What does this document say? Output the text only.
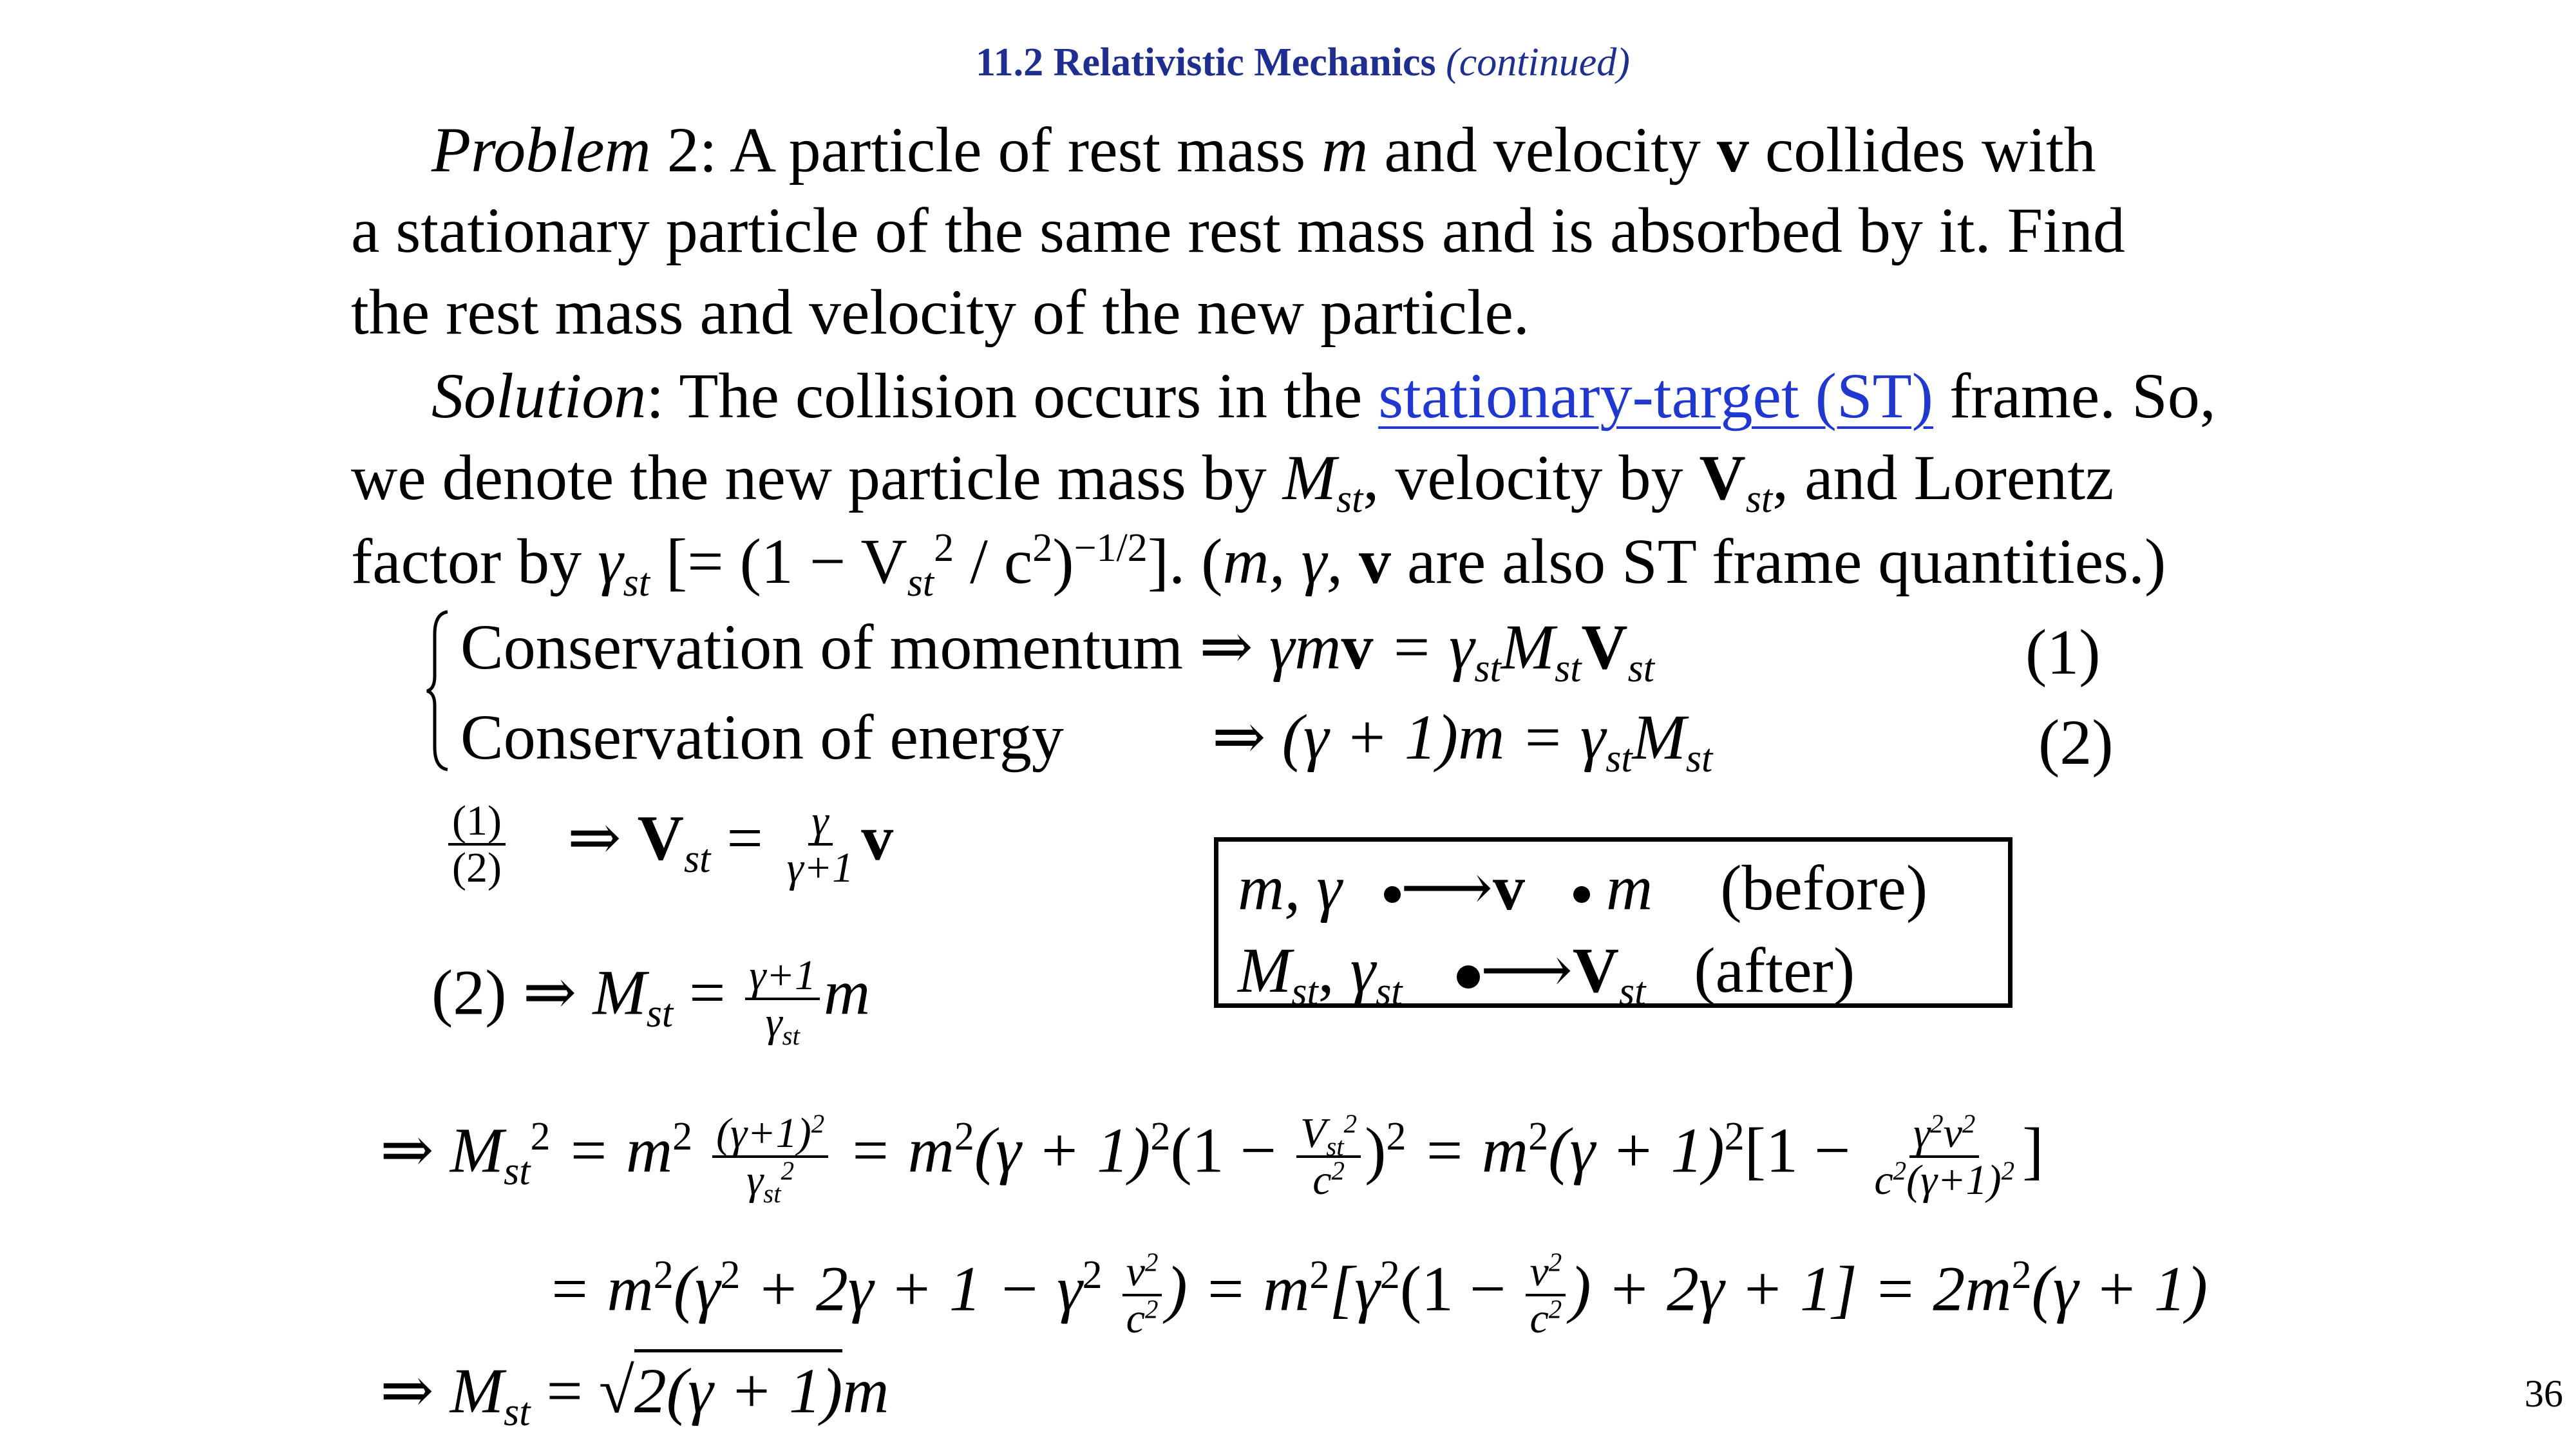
11.2 Relativistic Mechanics (continued)
Problem 2: A particle of rest mass m and velocity v collides with
a stationary particle of the same rest mass and is absorbed by it. Find
the rest mass and velocity of the new particle.
Solution: The collision occurs in the stationary-target (ST) frame. So,
we denote the new particle mass by $M_{st}$, velocity by $V_{st}$, and Lorentz
factor by $\gamma_{st}$ [= $(1 - V_{st}^2 / c^2)^{-1/2}$]. (m, γ, v are also ST frame quantities.)
Conservation of momentum ⇒ $\gamma mv = \gamma_{st}M_{st}V_{st}$	(1)
Conservation of energy ⇒ $(\gamma + 1)m = \gamma_{st}M_{st}$	(2)
$\frac{(1)}{(2)}$ ⇒ $V_{st} = \frac{\gamma}{\gamma+1}$ v
(2) ⇒ $M_{st} = \frac{\gamma+1}{\gamma_{st}}$ m
m, γ ⟶v m (before)
$M_{st}$, $\gamma_{st}$ $⟶V_{st}$ (after)
⇒ $M_{st}^2 = m^2 \frac{(\gamma+1)^2}{\gamma_{st}^2} = m^2(\gamma + 1)^2(1 - \frac{V_{st}^2}{c^2} )^2 = m^2(\gamma + 1)^2[1 - \frac{\gamma^2v^2}{c^2(\gamma+1)^2}$ ]
= $m^2(\gamma^2 + 2\gamma + 1 - \gamma^2 \frac{v^2}{c^2}$ ) = $m^2[\gamma^2(1 - \frac{v^2}{c^2}$ ) + $2\gamma + 1] = 2m^2(\gamma + 1)$
⇒ $M_{st} = √2(\gamma + 1)m$	36
